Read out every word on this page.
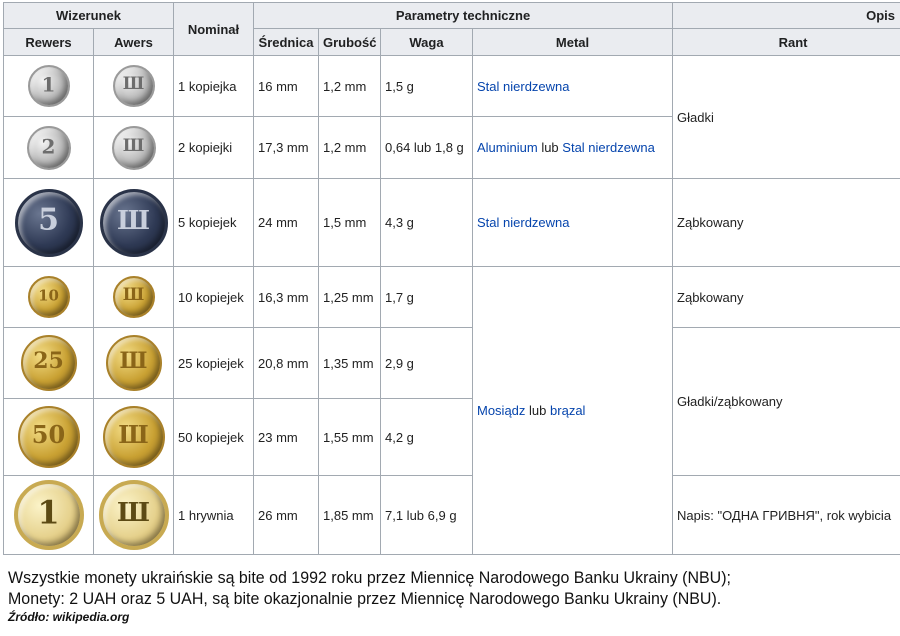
Wizerunek		Nominał	Parametry techniczne				Opis
Rewers	Awers		Średnica	Grubość	Waga	Metal	Rant

1	Ш	1 kopiejka	16 mm	1,2 mm	1,5 g	Stal nierdzewna	Gładki

2	Ш	2 kopiejki	17,3 mm	1,2 mm	0,64 lub 1,8 g	Aluminium lub Stal nierdzewna	

5	Ш	5 kopiejek	24 mm	1,5 mm	4,3 g	Stal nierdzewna	Ząbkowany

10	Ш	10 kopiejek	16,3 mm	1,25 mm	1,7 g	Mosiądz lub brązal	Ząbkowany

25	Ш	25 kopiejek	20,8 mm	1,35 mm	2,9 g		Gładki/ząbkowany

50	Ш	50 kopiejek	23 mm	1,55 mm	4,2 g		

1	Ш	1 hrywnia	26 mm	1,85 mm	7,1 lub 6,9 g		Napis: "ОДНА ГРИВНЯ", rok wybicia
Wszystkie monety ukraińskie są bite od 1992 roku przez Miennicę Narodowego Banku Ukrainy (NBU);
Monety: 2 UAH oraz 5 UAH, są bite okazjonalnie przez Miennicę Narodowego Banku Ukrainy (NBU).
Źródło: wikipedia.org
